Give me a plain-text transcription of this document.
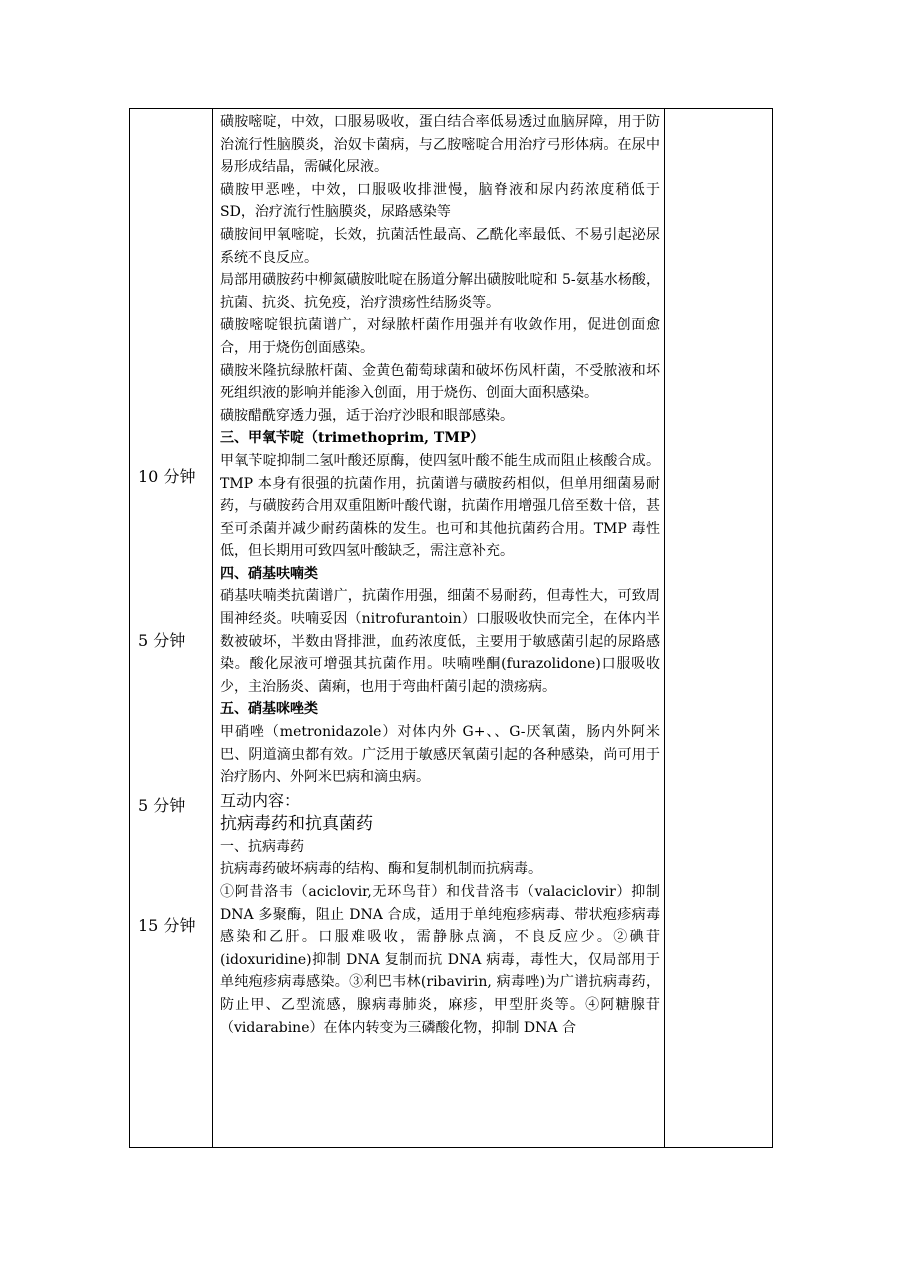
10 分钟
5 分钟
5 分钟
15 分钟

磺胺嘧啶，中效，口服易吸收，蛋白结合率低易透过血脑屏障，用于防治流行性脑膜炎，治奴卡菌病，与乙胺嘧啶合用治疗弓形体病。在尿中易形成结晶，需碱化尿液。

磺胺甲恶唑，中效，口服吸收排泄慢，脑脊液和尿内药浓度稍低于 SD，治疗流行性脑膜炎，尿路感染等

磺胺间甲氧嘧啶，长效，抗菌活性最高、乙酰化率最低、不易引起泌尿系统不良反应。

局部用磺胺药中柳氮磺胺吡啶在肠道分解出磺胺吡啶和 5-氨基水杨酸，抗菌、抗炎、抗免疫，治疗溃疡性结肠炎等。

磺胺嘧啶银抗菌谱广，对绿脓杆菌作用强并有收敛作用，促进创面愈合，用于烧伤创面感染。

磺胺米隆抗绿脓杆菌、金黄色葡萄球菌和破坏伤风杆菌，不受脓液和坏死组织液的影响并能渗入创面，用于烧伤、创面大面积感染。

磺胺醋酰穿透力强，适于治疗沙眼和眼部感染。

三、甲氧苄啶（trimethoprim, TMP）

甲氧苄啶抑制二氢叶酸还原酶，使四氢叶酸不能生成而阻止核酸合成。TMP 本身有很强的抗菌作用，抗菌谱与磺胺药相似，但单用细菌易耐药，与磺胺药合用双重阻断叶酸代谢，抗菌作用增强几倍至数十倍，甚至可杀菌并减少耐药菌株的发生。也可和其他抗菌药合用。TMP 毒性低，但长期用可致四氢叶酸缺乏，需注意补充。

四、硝基呋喃类

硝基呋喃类抗菌谱广，抗菌作用强，细菌不易耐药，但毒性大，可致周围神经炎。呋喃妥因（nitrofurantoin）口服吸收快而完全，在体内半数被破坏，半数由肾排泄，血药浓度低，主要用于敏感菌引起的尿路感染。酸化尿液可增强其抗菌作用。呋喃唑酮(furazolidone)口服吸收少，主治肠炎、菌痢，也用于弯曲杆菌引起的溃疡病。

五、硝基咪唑类

甲硝唑（metronidazole）对体内外 G+、、G-厌氧菌，肠内外阿米巴、阴道滴虫都有效。广泛用于敏感厌氧菌引起的各种感染，尚可用于治疗肠内、外阿米巴病和滴虫病。

互动内容：

抗病毒药和抗真菌药

一、抗病毒药

抗病毒药破坏病毒的结构、酶和复制机制而抗病毒。

①阿昔洛韦（aciclovir,无环鸟苷）和伐昔洛韦（valaciclovir）抑制 DNA 多聚酶，阻止 DNA 合成，适用于单纯疱疹病毒、带状疱疹病毒感染和乙肝。口服难吸收，需静脉点滴，不良反应少。②碘苷(idoxuridine)抑制 DNA 复制而抗 DNA 病毒，毒性大，仅局部用于单纯疱疹病毒感染。③利巴韦林(ribavirin, 病毒唑)为广谱抗病毒药，防止甲、乙型流感，腺病毒肺炎，麻疹，甲型肝炎等。④阿糖腺苷（vidarabine）在体内转变为三磷酸化物，抑制 DNA 合
